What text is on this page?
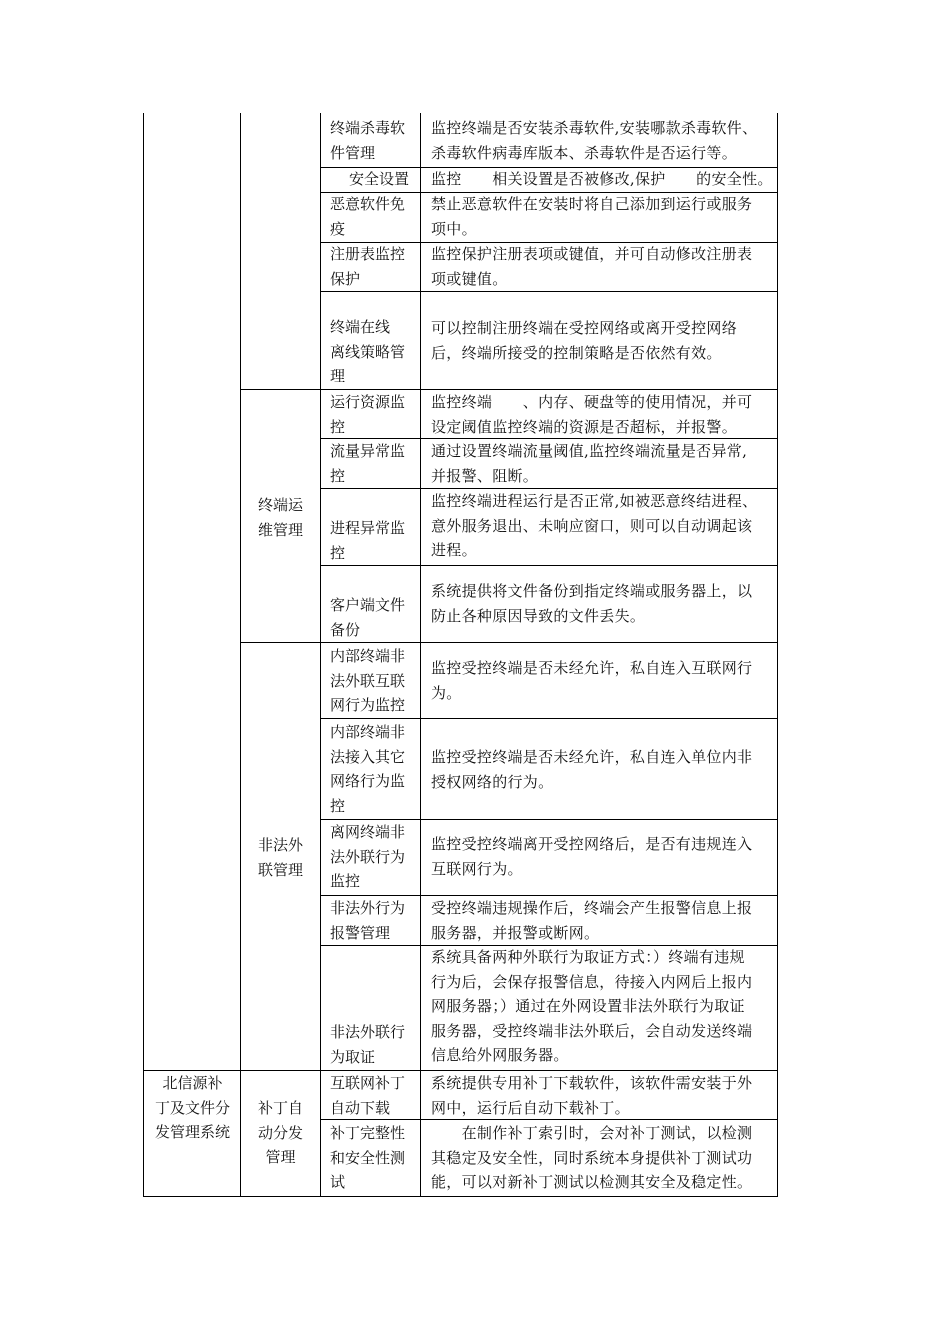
终端杀毒软
件管理
监控终端是否安装杀毒软件,安装哪款杀毒软件、
杀毒软件病毒库版本、杀毒软件是否运行等。
安全设置	监控　　相关设置是否被修改,保护　　的安全性。
恶意软件免
疫
禁止恶意软件在安装时将自己添加到运行或服务
项中。
注册表监控
保护
监控保护注册表项或键值，并可自动修改注册表
项或键值。
终端在线
离线策略管
理
可以控制注册终端在受控网络或离开受控网络
后，终端所接受的控制策略是否依然有效。
终端运
维管理
运行资源监
控
监控终端　　、内存、硬盘等的使用情况，并可
设定阈值监控终端的资源是否超标，并报警。
流量异常监
控
通过设置终端流量阈值,监控终端流量是否异常,
并报警、阻断。
进程异常监
控
监控终端进程运行是否正常,如被恶意终结进程、
意外服务退出、未响应窗口，则可以自动调起该
进程。
客户端文件
备份
系统提供将文件备份到指定终端或服务器上，以
防止各种原因导致的文件丢失。
非法外
联管理
内部终端非
法外联互联
网行为监控
监控受控终端是否未经允许，私自连入互联网行
为。
内部终端非
法接入其它
网络行为监
控
监控受控终端是否未经允许，私自连入单位内非
授权网络的行为。
离网终端非
法外联行为
监控
监控受控终端离开受控网络后，是否有违规连入
互联网行为。
非法外行为
报警管理
受控终端违规操作后，终端会产生报警信息上报
服务器，并报警或断网。
非法外联行
为取证
系统具备两种外联行为取证方式：）终端有违规
行为后，会保存报警信息，待接入内网后上报内
网服务器；）通过在外网设置非法外联行为取证
服务器，受控终端非法外联后，会自动发送终端
信息给外网服务器。
北信源补
丁及文件分
发管理系统
补丁自
动分发
管理
互联网补丁
自动下载
系统提供专用补丁下载软件，该软件需安装于外
网中，运行后自动下载补丁。
补丁完整性
和安全性测
试
　　在制作补丁索引时，会对补丁测试，以检测
其稳定及安全性，同时系统本身提供补丁测试功
能，可以对新补丁测试以检测其安全及稳定性。
